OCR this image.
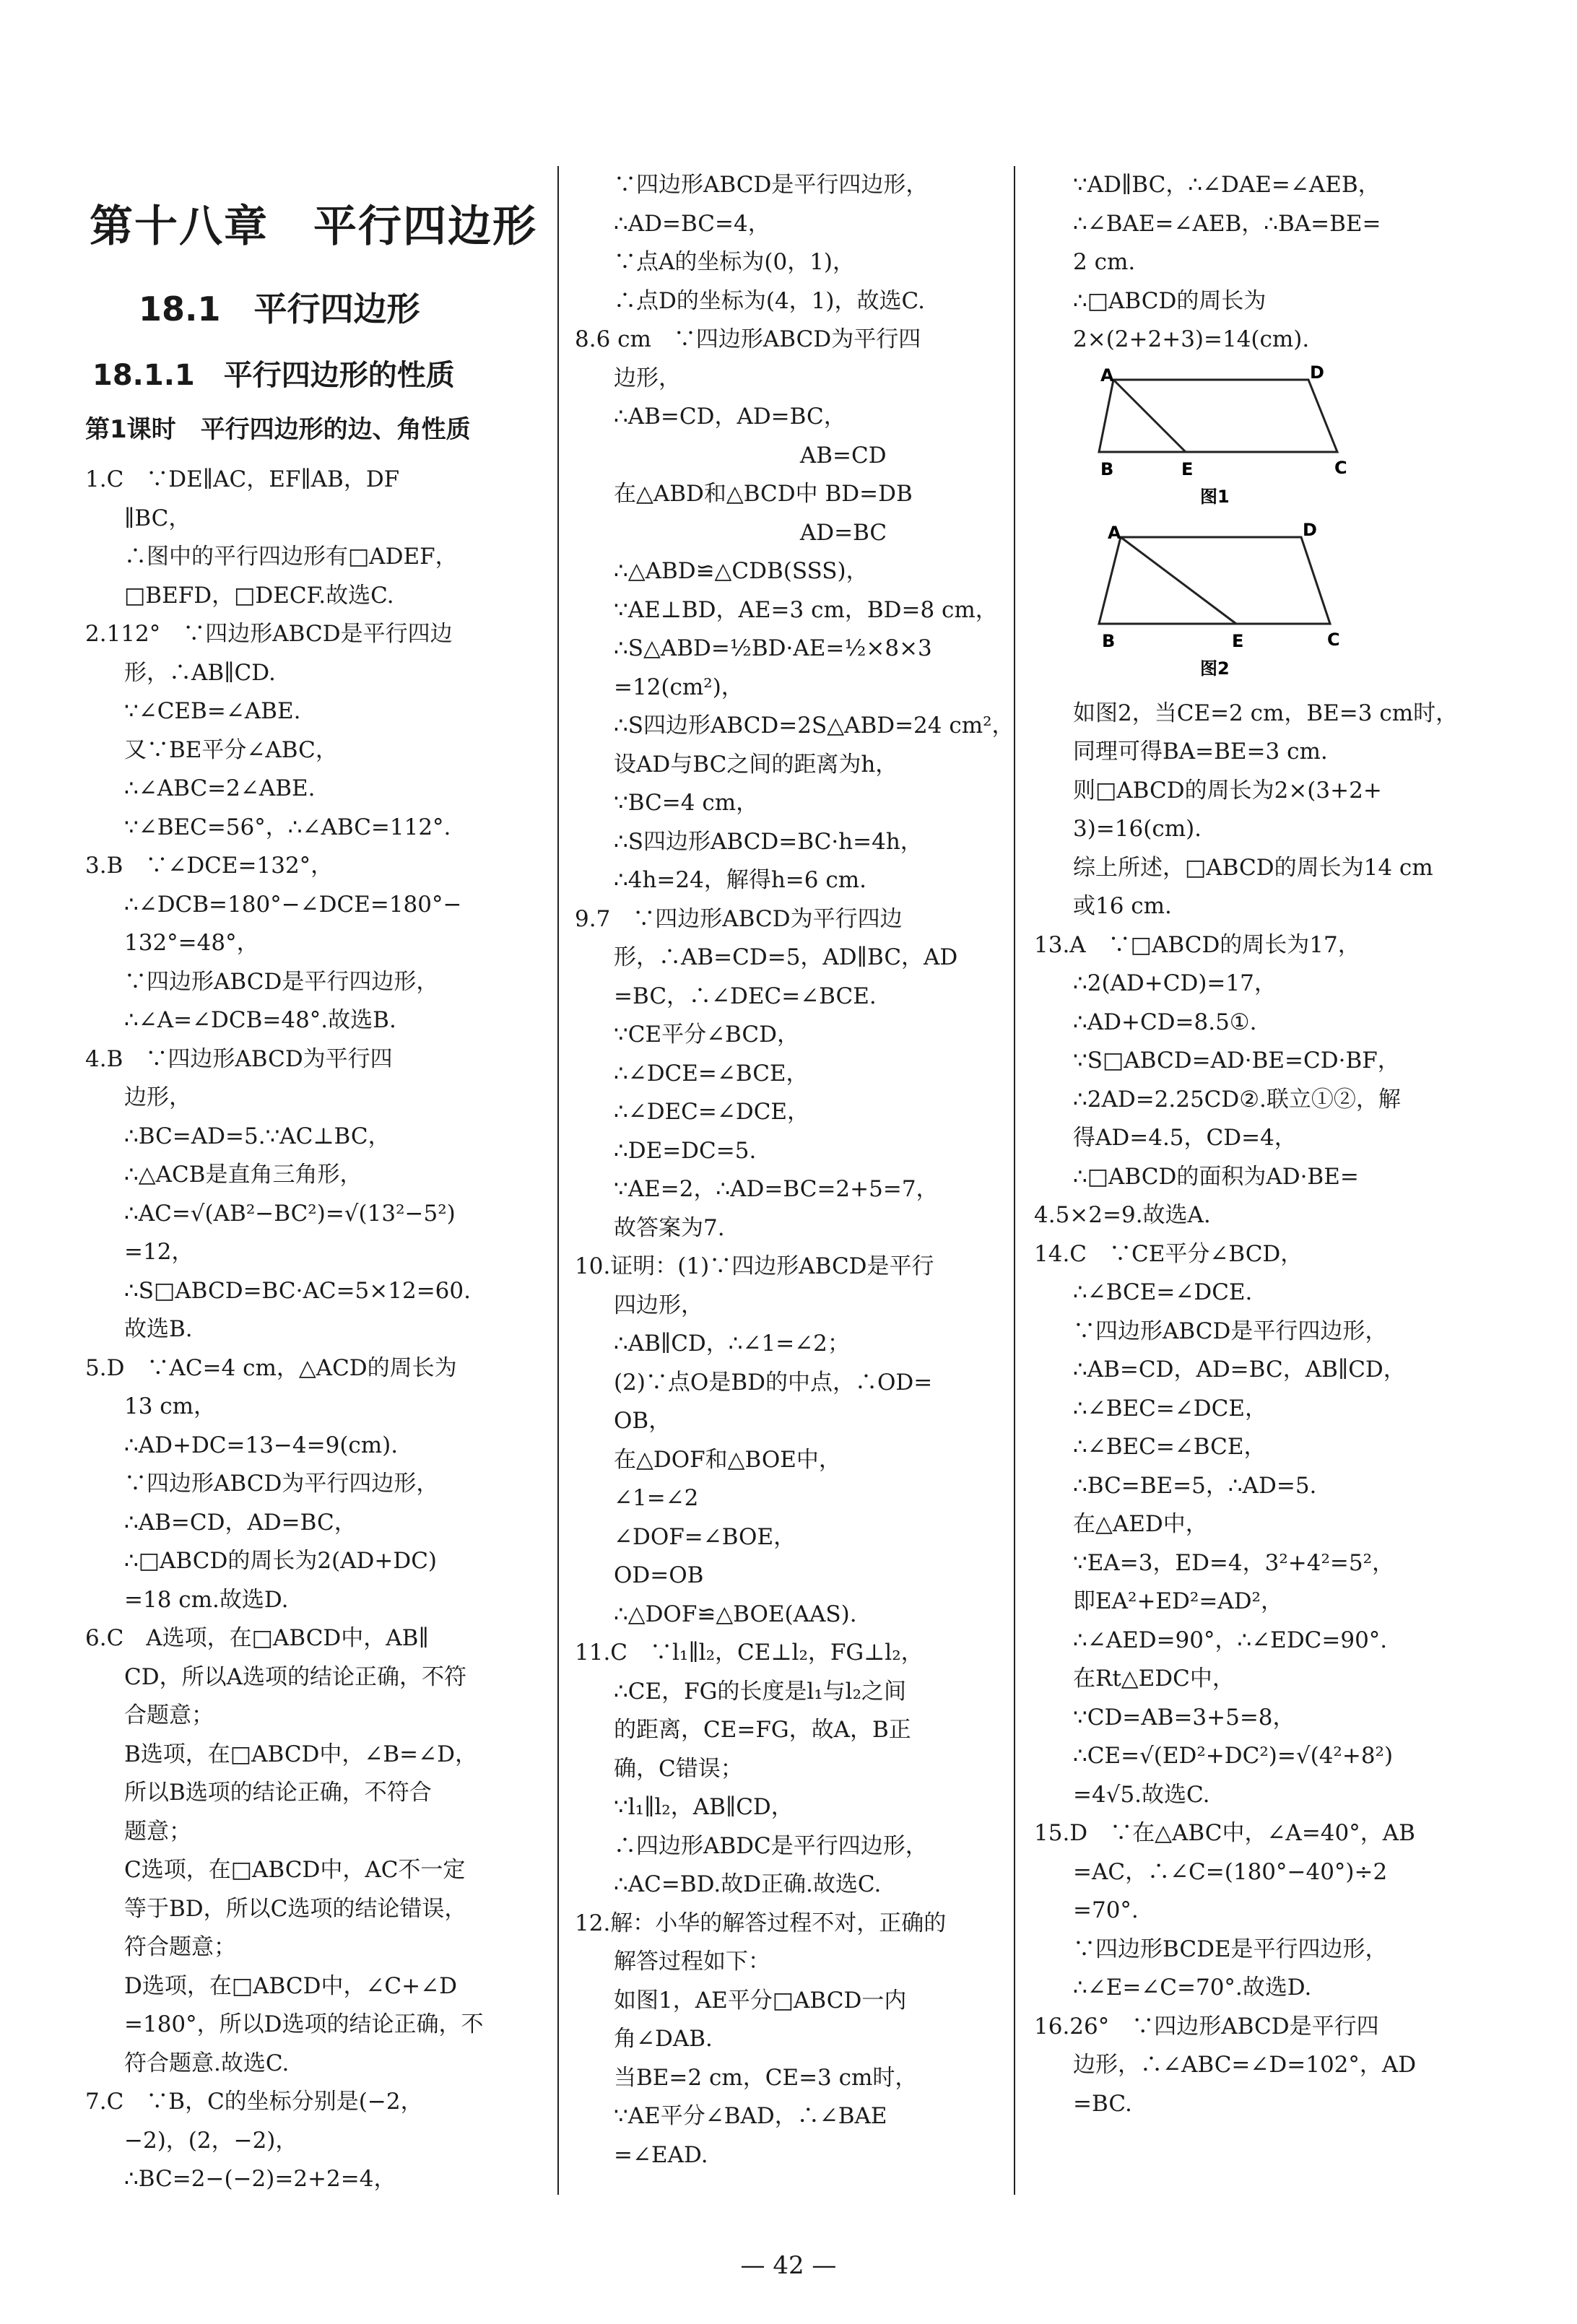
第十八章　平行四边形
18.1　平行四边形
18.1.1　平行四边形的性质
第1课时　平行四边形的边、角性质
1.C　∵DE∥AC，EF∥AB，DF
∥BC，
∴图中的平行四边形有□ADEF，
□BEFD，□DECF.故选C.
2.112°　∵四边形ABCD是平行四边
形，∴AB∥CD.
∵∠CEB=∠ABE.
又∵BE平分∠ABC，
∴∠ABC=2∠ABE.
∵∠BEC=56°，∴∠ABC=112°.
3.B　∵∠DCE=132°，
∴∠DCB=180°−∠DCE=180°−
132°=48°，
∵四边形ABCD是平行四边形，
∴∠A=∠DCB=48°.故选B.
4.B　∵四边形ABCD为平行四
边形，
∴BC=AD=5.∵AC⊥BC，
∴△ACB是直角三角形，
∴AC=√(AB²−BC²)=√(13²−5²)
=12，
∴S□ABCD=BC·AC=5×12=60.
故选B.
5.D　∵AC=4 cm，△ACD的周长为
13 cm，
∴AD+DC=13−4=9(cm).
∵四边形ABCD为平行四边形，
∴AB=CD，AD=BC，
∴□ABCD的周长为2(AD+DC)
=18 cm.故选D.
6.C　A选项，在□ABCD中，AB∥
CD，所以A选项的结论正确，不符
合题意；
B选项，在□ABCD中，∠B=∠D，
所以B选项的结论正确，不符合
题意；
C选项，在□ABCD中，AC不一定
等于BD，所以C选项的结论错误，
符合题意；
D选项，在□ABCD中，∠C+∠D
=180°，所以D选项的结论正确，不
符合题意.故选C.
7.C　∵B，C的坐标分别是(−2，
−2)，(2，−2)，
∴BC=2−(−2)=2+2=4，
∵四边形ABCD是平行四边形，
∴AD=BC=4，
∵点A的坐标为(0，1)，
∴点D的坐标为(4，1)，故选C.
8.6 cm　∵四边形ABCD为平行四
边形，
∴AB=CD，AD=BC，
　　　　　　　　 AB=CD
在△ABD和△BCD中 BD=DB
　　　　　　　　 AD=BC
∴△ABD≌△CDB(SSS)，
∵AE⊥BD，AE=3 cm，BD=8 cm，
∴S△ABD=½BD·AE=½×8×3
=12(cm²)，
∴S四边形ABCD=2S△ABD=24 cm²，
设AD与BC之间的距离为h，
∵BC=4 cm，
∴S四边形ABCD=BC·h=4h，
∴4h=24，解得h=6 cm.
9.7　∵四边形ABCD为平行四边
形，∴AB=CD=5，AD∥BC，AD
=BC，∴∠DEC=∠BCE.
∵CE平分∠BCD，
∴∠DCE=∠BCE，
∴∠DEC=∠DCE，
∴DE=DC=5.
∵AE=2，∴AD=BC=2+5=7，
故答案为7.
10.证明：(1)∵四边形ABCD是平行
四边形，
∴AB∥CD，∴∠1=∠2；
(2)∵点O是BD的中点，∴OD=
OB，
在△DOF和△BOE中，
∠1=∠2
∠DOF=∠BOE，
OD=OB
∴△DOF≌△BOE(AAS).
11.C　∵l₁∥l₂，CE⊥l₂，FG⊥l₂，
∴CE，FG的长度是l₁与l₂之间
的距离，CE=FG，故A，B正
确，C错误；
∵l₁∥l₂，AB∥CD，
∴四边形ABDC是平行四边形，
∴AC=BD.故D正确.故选C.
12.解：小华的解答过程不对，正确的
解答过程如下：
如图1，AE平分□ABCD一内
角∠DAB.
当BE=2 cm，CE=3 cm时，
∵AE平分∠BAD，∴∠BAE
=∠EAD.
∵AD∥BC，∴∠DAE=∠AEB，
∴∠BAE=∠AEB，∴BA=BE=
2 cm.
∴□ABCD的周长为
2×(2+2+3)=14(cm).
A	D
B	E	C
图1
A	D
B	E	C
图2
如图2，当CE=2 cm，BE=3 cm时，
同理可得BA=BE=3 cm.
则□ABCD的周长为2×(3+2+
3)=16(cm).
综上所述，□ABCD的周长为14 cm
或16 cm.
13.A　∵□ABCD的周长为17，
∴2(AD+CD)=17，
∴AD+CD=8.5①.
∵S□ABCD=AD·BE=CD·BF，
∴2AD=2.25CD②.联立①②，解
得AD=4.5，CD=4，
∴□ABCD的面积为AD·BE=
4.5×2=9.故选A.
14.C　∵CE平分∠BCD，
∴∠BCE=∠DCE.
∵四边形ABCD是平行四边形，
∴AB=CD，AD=BC，AB∥CD，
∴∠BEC=∠DCE，
∴∠BEC=∠BCE，
∴BC=BE=5，∴AD=5.
在△AED中，
∵EA=3，ED=4，3²+4²=5²，
即EA²+ED²=AD²，
∴∠AED=90°，∴∠EDC=90°.
在Rt△EDC中，
∵CD=AB=3+5=8，
∴CE=√(ED²+DC²)=√(4²+8²)
=4√5.故选C.
15.D　∵在△ABC中，∠A=40°，AB
=AC，∴∠C=(180°−40°)÷2
=70°.
∵四边形BCDE是平行四边形，
∴∠E=∠C=70°.故选D.
16.26°　∵四边形ABCD是平行四
边形，∴∠ABC=∠D=102°，AD
=BC.
— 42 —
